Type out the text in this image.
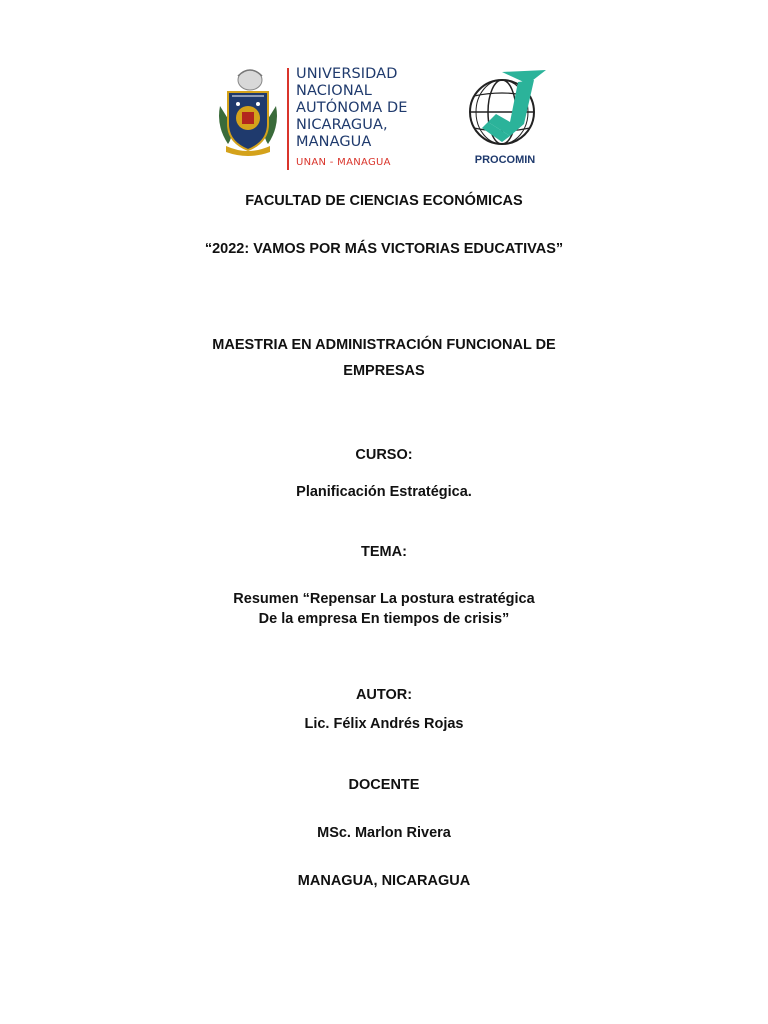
UNIVERSIDAD
NACIONAL
AUTÓNOMA DE
NICARAGUA,
MANAGUA
UNAN - MANAGUA	PROCOMIN
FACULTAD DE CIENCIAS ECONÓMICAS
“2022: VAMOS POR MÁS VICTORIAS EDUCATIVAS”
MAESTRIA EN ADMINISTRACIÓN FUNCIONAL DE
EMPRESAS
CURSO:
Planificación Estratégica.
TEMA:
Resumen “Repensar La postura estratégica
De la empresa En tiempos de crisis”
AUTOR:
Lic. Félix Andrés Rojas
DOCENTE
MSc. Marlon Rivera
MANAGUA, NICARAGUA
